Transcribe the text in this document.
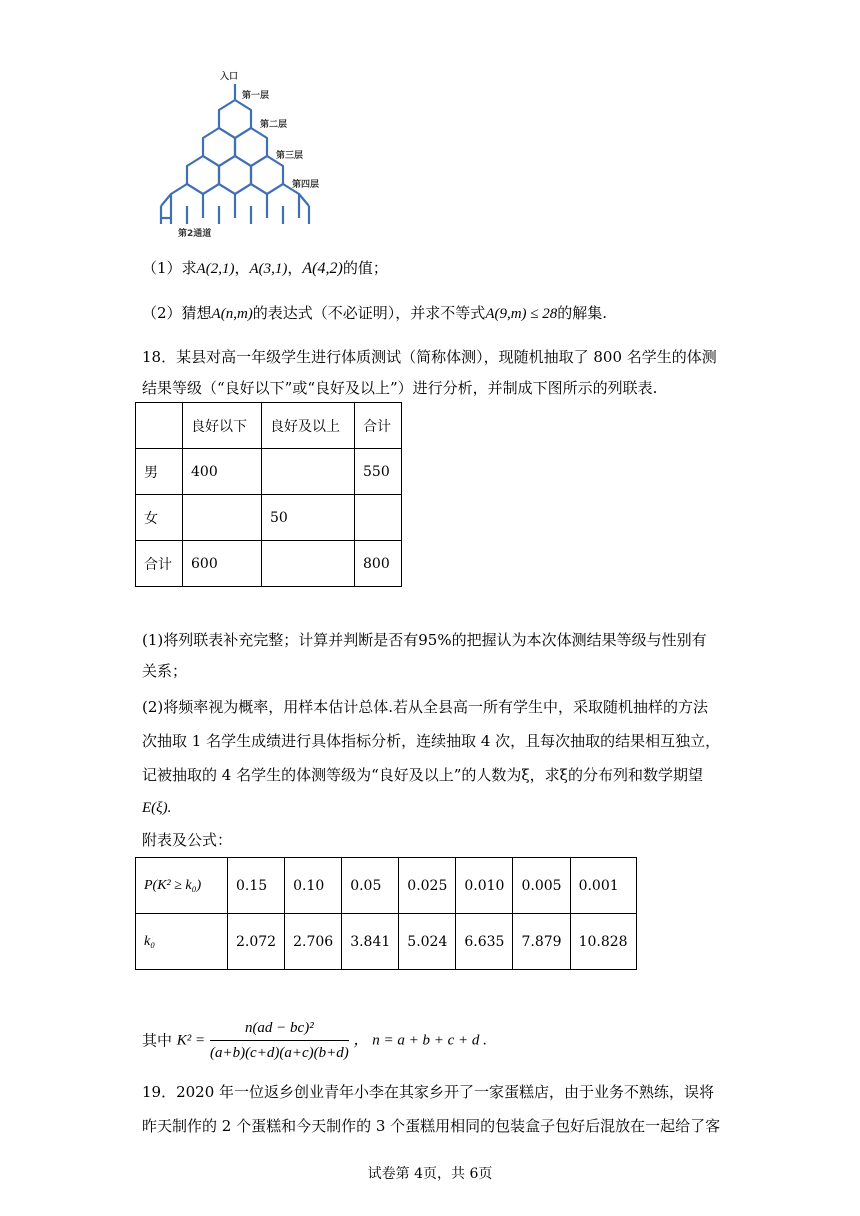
入口
第一层
第二层
第三层
第四层
第2通道
（1）求A(2,1)，A(3,1)，A(4,2)的值；
（2）猜想A(n,m)的表达式（不必证明），并求不等式A(9,m) ≤ 28的解集.
18．某县对高一年级学生进行体质测试（简称体测），现随机抽取了 800 名学生的体测
结果等级（“良好以下”或“良好及以上”）进行分析，并制成下图所示的列联表.
	良好以下	良好及以上	合计
男	400		550
女		50	
合计	600		800
(1)将列联表补充完整；计算并判断是否有95%的把握认为本次体测结果等级与性别有
关系；
(2)将频率视为概率，用样本估计总体.若从全县高一所有学生中，采取随机抽样的方法
次抽取 1 名学生成绩进行具体指标分析，连续抽取 4 次，且每次抽取的结果相互独立，
记被抽取的 4 名学生的体测等级为“良好及以上”的人数为ξ，求ξ的分布列和数学期望
E(ξ).
附表及公式：
P(K² ≥ k₀)	0.15	0.10	0.05	0.025	0.010	0.005	0.001
k₀	2.072	2.706	3.841	5.024	6.635	7.879	10.828
其中 $K^2 = \frac{\text{n(ad − bc)²}}{(a+b)(c+d)(a+c)(b+d)}$ ， n = a + b + c + d .
19．2020 年一位返乡创业青年小李在其家乡开了一家蛋糕店，由于业务不熟练，误将
昨天制作的 2 个蛋糕和今天制作的 3 个蛋糕用相同的包装盒子包好后混放在一起给了客
试卷第 4页，共 6页
